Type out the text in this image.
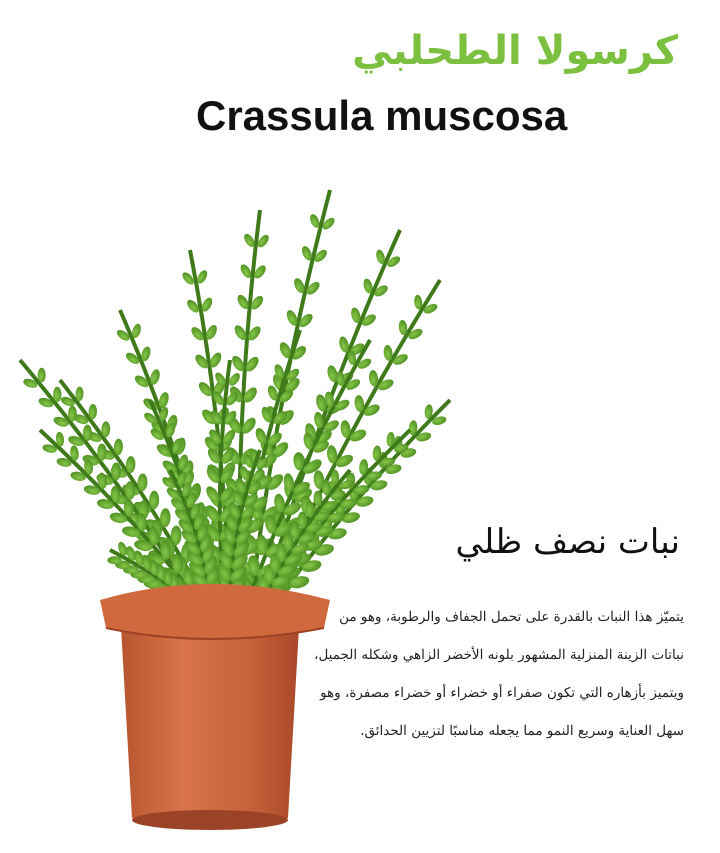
كرسولا الطحلبي
Crassula muscosa
نبات نصف ظلي
يتميّز هذا النبات بالقدرة على تحمل الجفاف والرطوبة، وهو من
نباتات الزينة المنزلية المشهور بلونه الأخضر الزاهي وشكله الجميل،
ويتميز بأزهاره التي تكون صفراء أو خضراء أو خضراء مصفرة، وهو
سهل العناية وسريع النمو مما يجعله مناسبًا لتزيين الحدائق.
